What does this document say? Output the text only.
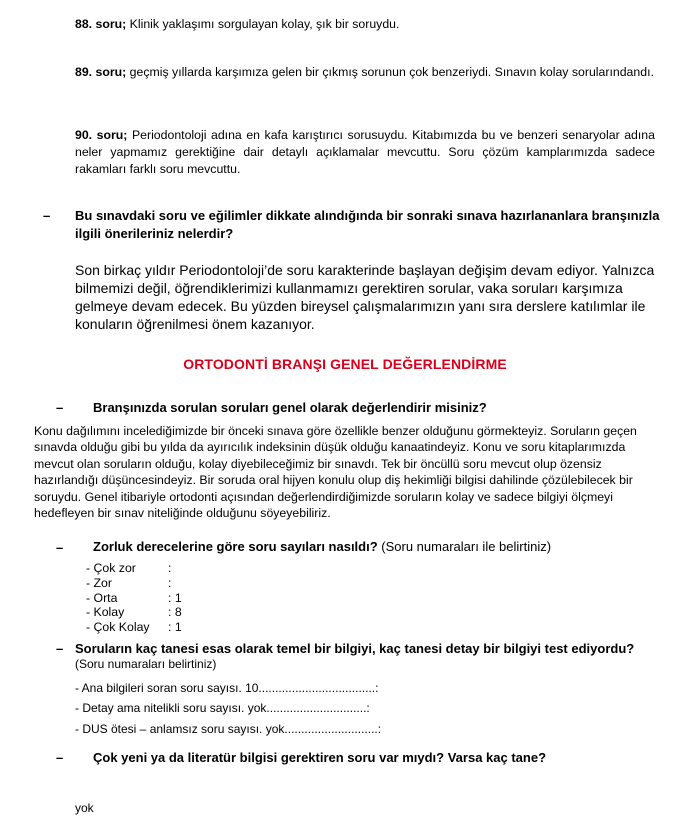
88. soru; Klinik yaklaşımı sorgulayan kolay, şık bir soruydu.
89. soru; geçmiş yıllarda karşımıza gelen bir çıkmış sorunun çok benzeriydi. Sınavın kolay sorularındandı.
90. soru; Periodontoloji adına en kafa karıştırıcı sorusuydu. Kitabımızda bu ve benzeri senaryolar adına neler yapmamız gerektiğine dair detaylı açıklamalar mevcuttu. Soru çözüm kamplarımızda sadece rakamları farklı soru mevcuttu.
– Bu sınavdaki soru ve eğilimler dikkate alındığında bir sonraki sınava hazırlananlara branşınızla ilgili önerileriniz nelerdir?
Son birkaç yıldır Periodontoloji’de soru karakterinde başlayan değişim devam ediyor. Yalnızca bilmemizi değil, öğrendiklerimizi kullanmamızı gerektiren sorular, vaka soruları karşımıza gelmeye devam edecek. Bu yüzden bireysel çalışmalarımızın yanı sıra derslere katılımlar ile konuların öğrenilmesi önem kazanıyor.
ORTODONTİ BRANŞI GENEL DEĞERLENDİRME
– Branşınızda sorulan soruları genel olarak değerlendirir misiniz?
Konu dağılımını incelediğimizde bir önceki sınava göre özellikle benzer olduğunu görmekteyiz. Soruların geçen sınavda olduğu gibi bu yılda da ayırıcılık indeksinin düşük olduğu kanaatindeyiz. Konu ve soru kitaplarımızda mevcut olan soruların olduğu, kolay diyebileceğimiz bir sınavdı. Tek bir öncüllü soru mevcut olup özensiz hazırlandığı düşüncesindeyiz. Bir soruda oral hijyen konulu olup diş hekimliği bilgisi dahilinde çözülebilecek bir soruydu. Genel itibariyle ortodonti açısından değerlendirdiğimizde soruların kolay ve sadece bilgiyi ölçmeyi hedefleyen bir sınav niteliğinde olduğunu söyeyebiliriz.
– Zorluk derecelerine göre soru sayıları nasıldı? (Soru numaraları ile belirtiniz)
- Çok zor	:
- Zor	:
- Orta	: 1
- Kolay	: 8
- Çok Kolay	: 1
– Soruların kaç tanesi esas olarak temel bir bilgiyi, kaç tanesi detay bir bilgiyi test ediyordu?
(Soru numaraları belirtiniz)
- Ana bilgileri soran soru sayısı. 10...................................:
- Detay ama nitelikli soru sayısı. yok..............................:
- DUS ötesi – anlamsız soru sayısı. yok............................:
– Çok yeni ya da literatür bilgisi gerektiren soru var mıydı? Varsa kaç tane?
yok
